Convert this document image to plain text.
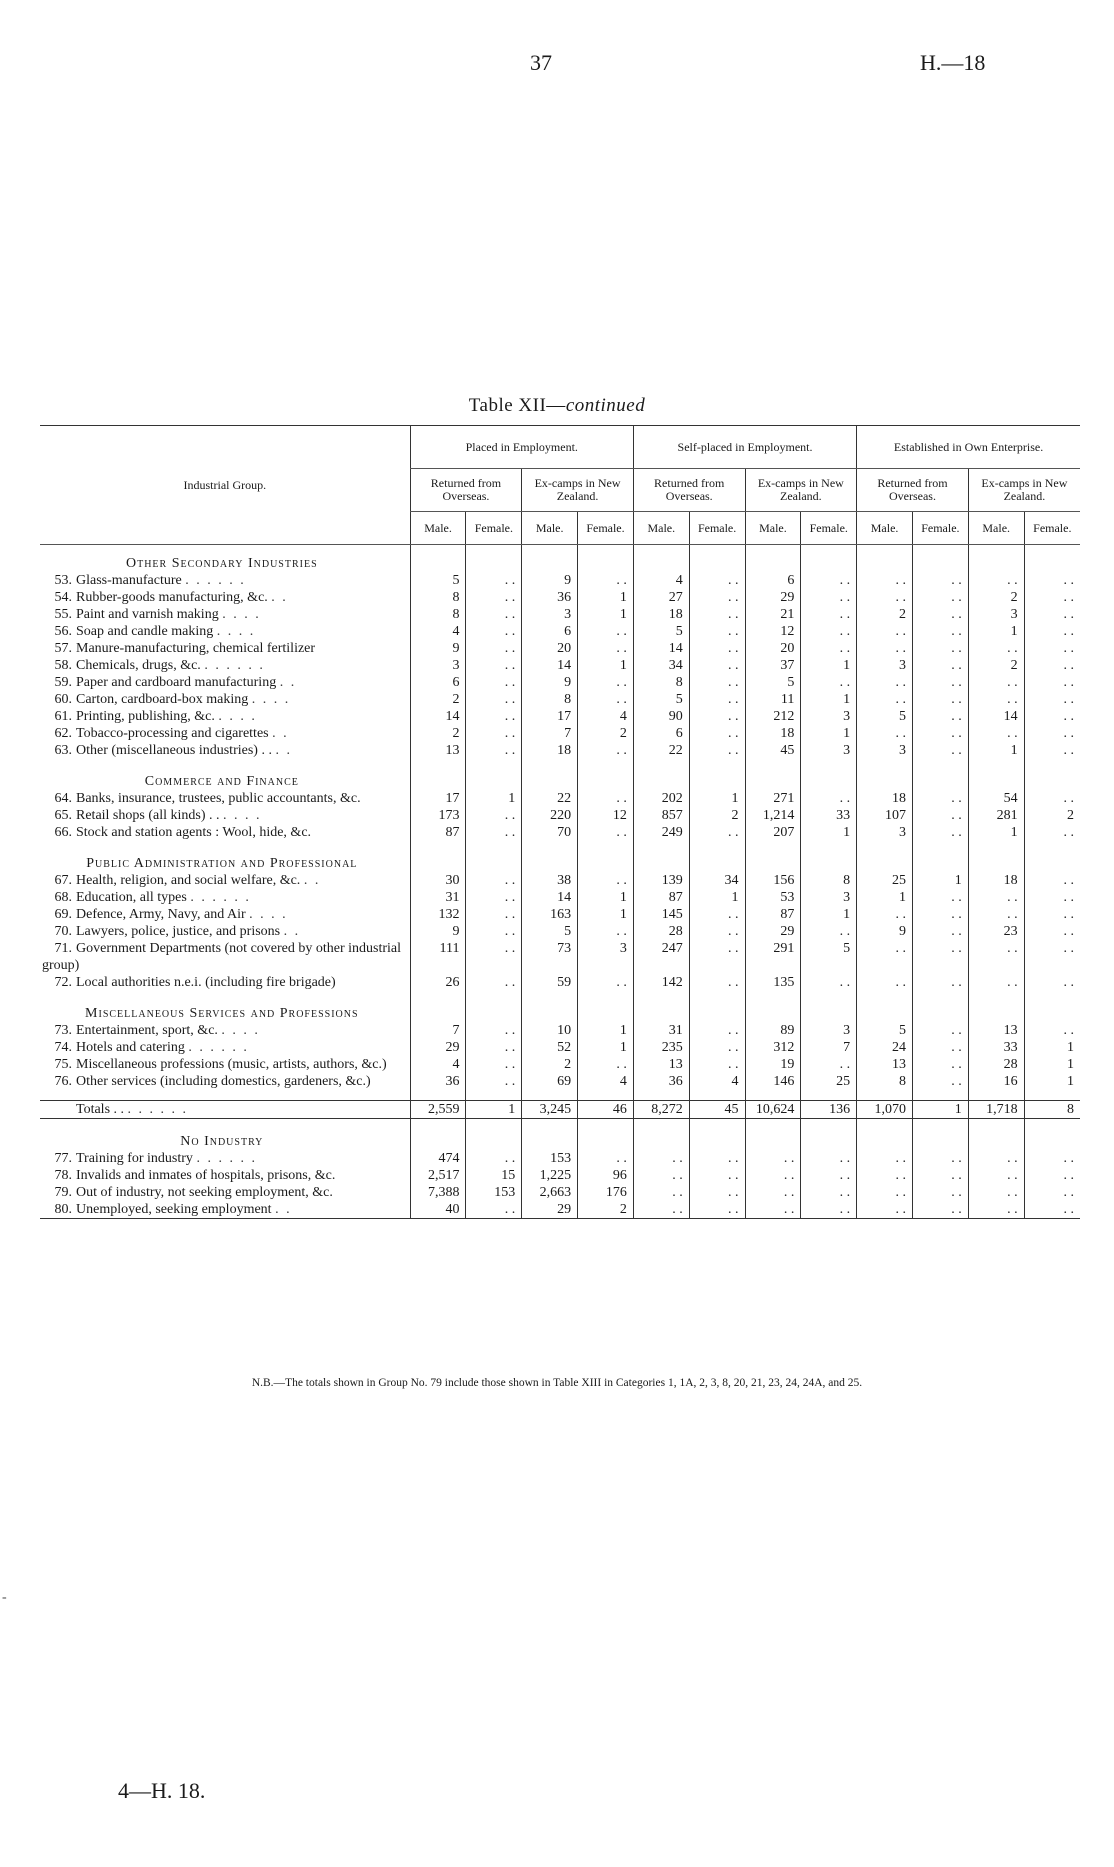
37	H.—18
Table XII—continued
Industrial Group.	Placed in Employment.				Self-placed in Employment.				Established in Own Enterprise.			
	Returned from Overseas.		Ex-camps in New Zealand.		Returned from Overseas.		Ex-camps in New Zealand.		Returned from Overseas.		Ex-camps in New Zealand.	
	Male.	Female.	Male.	Female.	Male.	Female.	Male.	Female.	Male.	Female.	Male.	Female.
Other Secondary Industries												
53. Glass-manufacture . . . . . .	5	. .	9	. .	4	. .	6	. .	. .	. .	. .	. .
54. Rubber-goods manufacturing, &c. . .	8	. .	36	1	27	. .	29	. .	. .	. .	2	. .
55. Paint and varnish making . . . .	8	. .	3	1	18	. .	21	. .	2	. .	3	. .
56. Soap and candle making . . . .	4	. .	6	. .	5	. .	12	. .	. .	. .	1	. .
57. Manure-manufacturing, chemical fertilizer	9	. .	20	. .	14	. .	20	. .	. .	. .	. .	. .
58. Chemicals, drugs, &c. . . . . . .	3	. .	14	1	34	. .	37	1	3	. .	2	. .
59. Paper and cardboard manufacturing . .	6	. .	9	. .	8	. .	5	. .	. .	. .	. .	. .
60. Carton, cardboard-box making . . . .	2	. .	8	. .	5	. .	11	1	. .	. .	. .	. .
61. Printing, publishing, &c. . . . .	14	. .	17	4	90	. .	212	3	5	. .	14	. .
62. Tobacco-processing and cigarettes . .	2	. .	7	2	6	. .	18	1	. .	. .	. .	. .
63. Other (miscellaneous industries) . . . .	13	. .	18	. .	22	. .	45	3	3	. .	1	. .
Commerce and Finance												
64. Banks, insurance, trustees, public accountants, &c.	17	1	22	. .	202	1	271	. .	18	. .	54	. .
65. Retail shops (all kinds) . . . . . .	173	. .	220	12	857	2	1,214	33	107	. .	281	2
66. Stock and station agents : Wool, hide, &c.	87	. .	70	. .	249	. .	207	1	3	. .	1	. .
Public Administration and Professional												
67. Health, religion, and social welfare, &c. . .	30	. .	38	. .	139	34	156	8	25	1	18	. .
68. Education, all types . . . . . .	31	. .	14	1	87	1	53	3	1	. .	. .	. .
69. Defence, Army, Navy, and Air . . . .	132	. .	163	1	145	. .	87	1	. .	. .	. .	. .
70. Lawyers, police, justice, and prisons . .	9	. .	5	. .	28	. .	29	. .	9	. .	23	. .
71. Government Departments (not covered by other industrial group)	111	. .	73	3	247	. .	291	5	. .	. .	. .	. .
72. Local authorities n.e.i. (including fire brigade)	26	. .	59	. .	142	. .	135	. .	. .	. .	. .	. .
Miscellaneous Services and Professions												
73. Entertainment, sport, &c. . . . .	7	. .	10	1	31	. .	89	3	5	. .	13	. .
74. Hotels and catering . . . . . .	29	. .	52	1	235	. .	312	7	24	. .	33	1
75. Miscellaneous professions (music, artists, authors, &c.)	4	. .	2	. .	13	. .	19	. .	13	. .	28	1
76. Other services (including domestics, gardeners, &c.)	36	. .	69	4	36	4	146	25	8	. .	16	1

Totals . . . . . . . .	2,559	1	3,245	46	8,272	45	10,624	136	1,070	1	1,718	8
No Industry												
77. Training for industry . . . . . .	474	. .	153	. .	. .	. .	. .	. .	. .	. .	. .	. .
78. Invalids and inmates of hospitals, prisons, &c.	2,517	15	1,225	96	. .	. .	. .	. .	. .	. .	. .	. .
79. Out of industry, not seeking employment, &c.	7,388	153	2,663	176	. .	. .	. .	. .	. .	. .	. .	. .
80. Unemployed, seeking employment . .	40	. .	29	2	. .	. .	. .	. .	. .	. .	. .	. .
N.B.—The totals shown in Group No. 79 include those shown in Table XIII in Categories 1, 1A, 2, 3, 8, 20, 21, 23, 24, 24A, and 25.
-
4—H. 18.
